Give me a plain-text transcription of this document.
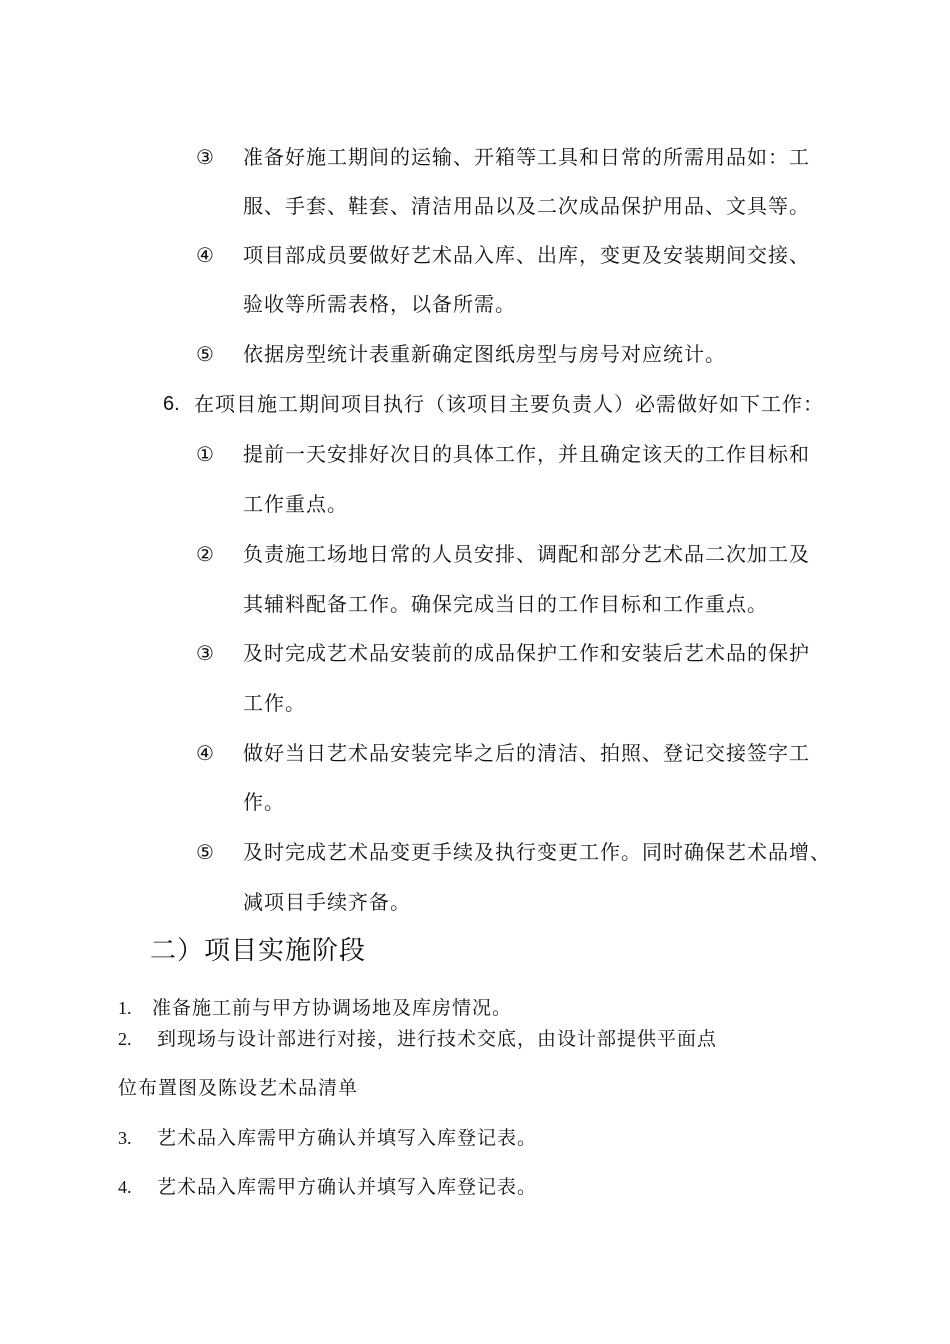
③ 准备好施工期间的运输、开箱等工具和日常的所需用品如：工
服、手套、鞋套、清洁用品以及二次成品保护用品、文具等。
④ 项目部成员要做好艺术品入库、出库，变更及安装期间交接、
验收等所需表格，以备所需。
⑤ 依据房型统计表重新确定图纸房型与房号对应统计。
6. 在项目施工期间项目执行（该项目主要负责人）必需做好如下工作：
① 提前一天安排好次日的具体工作，并且确定该天的工作目标和
工作重点。
② 负责施工场地日常的人员安排、调配和部分艺术品二次加工及
其辅料配备工作。确保完成当日的工作目标和工作重点。
③ 及时完成艺术品安装前的成品保护工作和安装后艺术品的保护
工作。
④ 做好当日艺术品安装完毕之后的清洁、拍照、登记交接签字工
作。
⑤ 及时完成艺术品变更手续及执行变更工作。同时确保艺术品增、
减项目手续齐备。
二）项目实施阶段
1. 准备施工前与甲方协调场地及库房情况。
2. 到现场与设计部进行对接，进行技术交底，由设计部提供平面点
位布置图及陈设艺术品清单
3. 艺术品入库需甲方确认并填写入库登记表。
4. 艺术品入库需甲方确认并填写入库登记表。
